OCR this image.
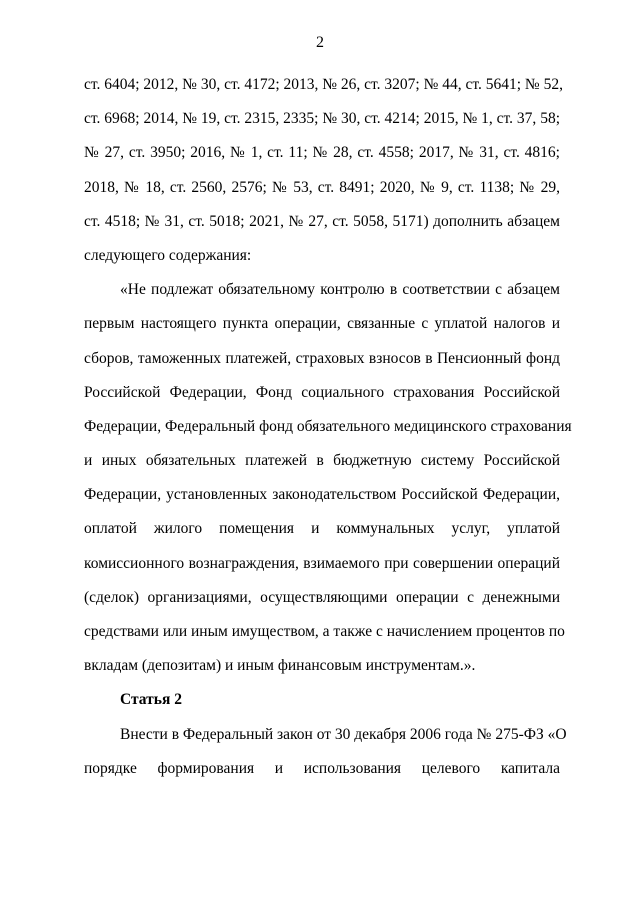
2
ст. 6404; 2012, № 30, ст. 4172; 2013, № 26, ст. 3207; № 44, ст. 5641; № 52,
ст. 6968; 2014, № 19, ст. 2315, 2335; № 30, ст. 4214; 2015, № 1, ст. 37, 58;
№ 27, ст. 3950; 2016, № 1, ст. 11; № 28, ст. 4558; 2017, № 31, ст. 4816;
2018, № 18, ст. 2560, 2576; № 53, ст. 8491; 2020, № 9, ст. 1138; № 29,
ст. 4518; № 31, ст. 5018; 2021, № 27, ст. 5058, 5171) дополнить абзацем
следующего содержания:
«Не подлежат обязательному контролю в соответствии с абзацем
первым настоящего пункта операции, связанные с уплатой налогов и
сборов, таможенных платежей, страховых взносов в Пенсионный фонд
Российской Федерации, Фонд социального страхования Российской
Федерации, Федеральный фонд обязательного медицинского страхования
и иных обязательных платежей в бюджетную систему Российской
Федерации, установленных законодательством Российской Федерации,
оплатой жилого помещения и коммунальных услуг, уплатой
комиссионного вознаграждения, взимаемого при совершении операций
(сделок) организациями, осуществляющими операции с денежными
средствами или иным имуществом, а также с начислением процентов по
вкладам (депозитам) и иным финансовым инструментам.».
Статья 2
Внести в Федеральный закон от 30 декабря 2006 года № 275-ФЗ «О
порядке формирования и использования целевого капитала
